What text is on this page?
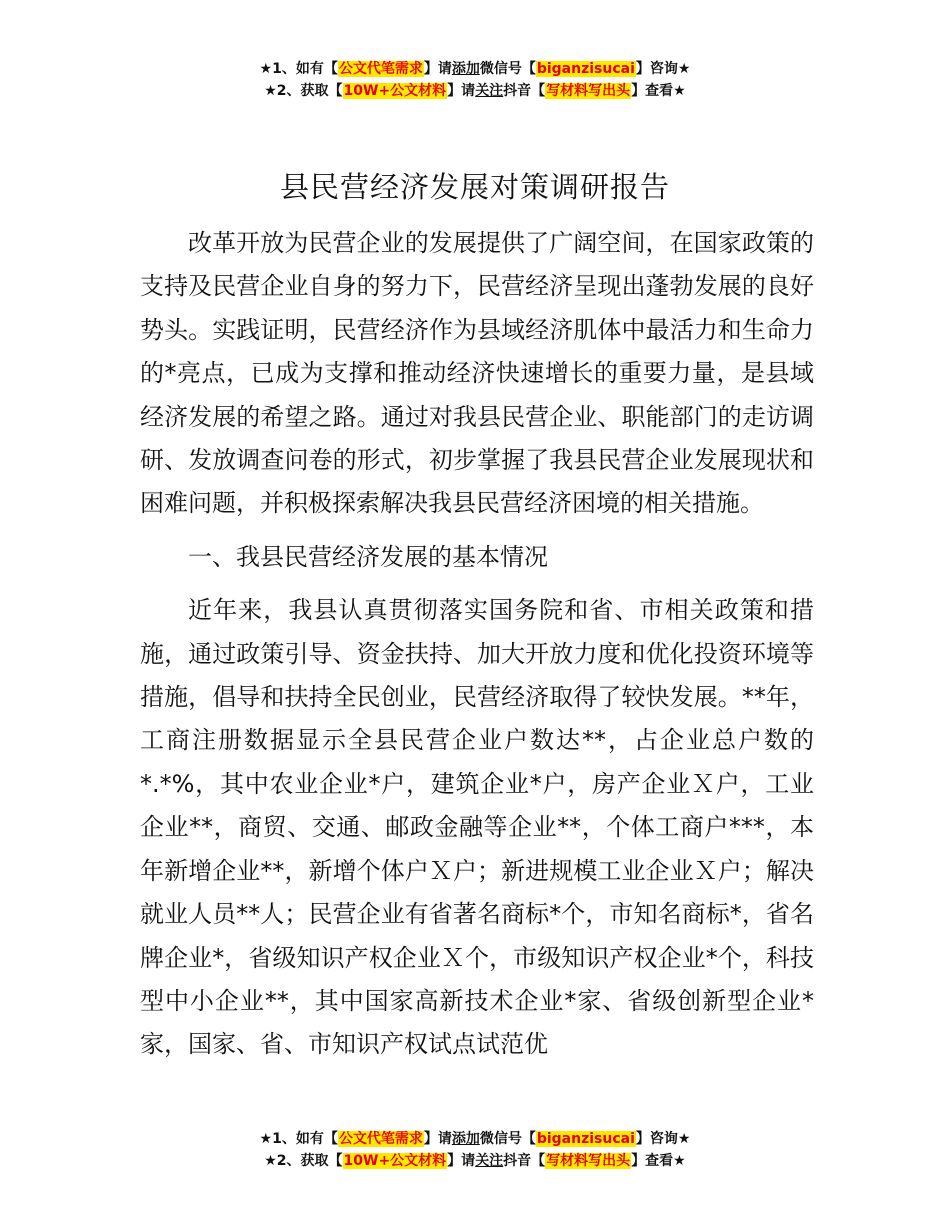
★1、如有【公文代笔需求】请添加微信号【biganzisucai】咨询★
★2、获取【10W+公文材料】请关注抖音【写材料写出头】查看★
县民营经济发展对策调研报告

改革开放为民营企业的发展提供了广阔空间，在国家政策的支持及民营企业自身的努力下，民营经济呈现出蓬勃发展的良好势头。实践证明，民营经济作为县域经济肌体中最活力和生命力的*亮点，已成为支撑和推动经济快速增长的重要力量，是县域经济发展的希望之路。通过对我县民营企业、职能部门的走访调研、发放调查问卷的形式，初步掌握了我县民营企业发展现状和困难问题，并积极探索解决我县民营经济困境的相关措施。

一、我县民营经济发展的基本情况

近年来，我县认真贯彻落实国务院和省、市相关政策和措施，通过政策引导、资金扶持、加大开放力度和优化投资环境等措施，倡导和扶持全民创业，民营经济取得了较快发展。**年，工商注册数据显示全县民营企业户数达**，占企业总户数的*.*%，其中农业企业*户，建筑企业*户，房产企业Ｘ户，工业企业**，商贸、交通、邮政金融等企业**，个体工商户***，本年新增企业**，新增个体户Ｘ户；新进规模工业企业Ｘ户；解决就业人员**人；民营企业有省著名商标*个，市知名商标*，省名牌企业*，省级知识产权企业Ｘ个，市级知识产权企业*个，科技型中小企业**，其中国家高新技术企业*家、省级创新型企业*家，国家、省、市知识产权试点试范优

★1、如有【公文代笔需求】请添加微信号【biganzisucai】咨询★
★2、获取【10W+公文材料】请关注抖音【写材料写出头】查看★
